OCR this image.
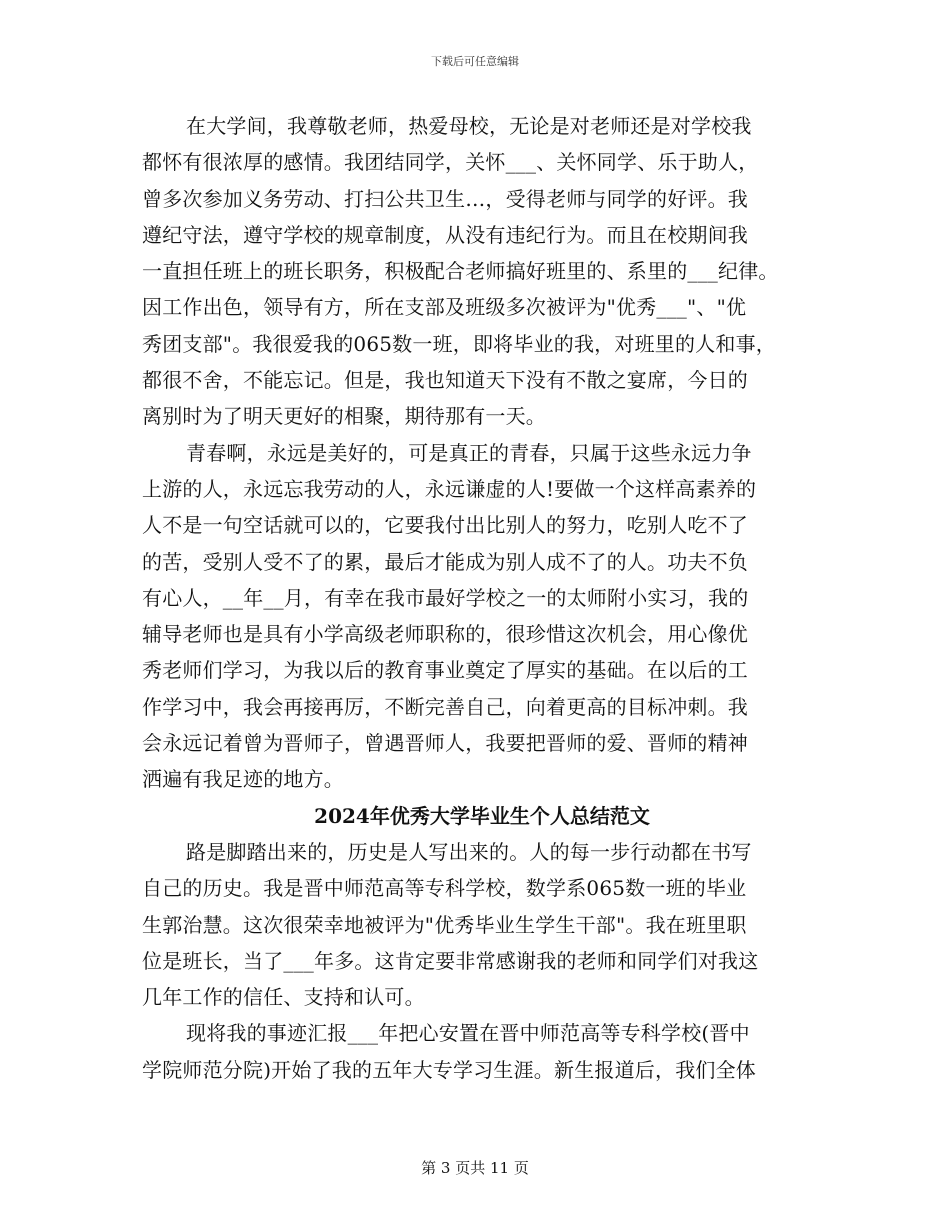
下载后可任意编辑
在大学间，我尊敬老师，热爱母校，无论是对老师还是对学校我
都怀有很浓厚的感情。我团结同学，关怀___、关怀同学、乐于助人，
曾多次参加义务劳动、打扫公共卫生…，受得老师与同学的好评。我
遵纪守法，遵守学校的规章制度，从没有违纪行为。而且在校期间我
一直担任班上的班长职务，积极配合老师搞好班里的、系里的___纪律。
因工作出色，领导有方，所在支部及班级多次被评为"优秀___"、"优
秀团支部"。我很爱我的065数一班，即将毕业的我，对班里的人和事，
都很不舍，不能忘记。但是，我也知道天下没有不散之宴席，今日的
离别时为了明天更好的相聚，期待那有一天。
青春啊，永远是美好的，可是真正的青春，只属于这些永远力争
上游的人，永远忘我劳动的人，永远谦虚的人!要做一个这样高素养的
人不是一句空话就可以的，它要我付出比别人的努力，吃别人吃不了
的苦，受别人受不了的累，最后才能成为别人成不了的人。功夫不负
有心人，__年__月，有幸在我市最好学校之一的太师附小实习，我的
辅导老师也是具有小学高级老师职称的，很珍惜这次机会，用心像优
秀老师们学习，为我以后的教育事业奠定了厚实的基础。在以后的工
作学习中，我会再接再厉，不断完善自己，向着更高的目标冲刺。我
会永远记着曾为晋师子，曾遇晋师人，我要把晋师的爱、晋师的精神
洒遍有我足迹的地方。
2024年优秀大学毕业生个人总结范文
路是脚踏出来的，历史是人写出来的。人的每一步行动都在书写
自己的历史。我是晋中师范高等专科学校，数学系065数一班的毕业
生郭治慧。这次很荣幸地被评为"优秀毕业生学生干部"。我在班里职
位是班长，当了___年多。这肯定要非常感谢我的老师和同学们对我这
几年工作的信任、支持和认可。
现将我的事迹汇报___年把心安置在晋中师范高等专科学校(晋中
学院师范分院)开始了我的五年大专学习生涯。新生报道后，我们全体
第 3 页共 11 页
